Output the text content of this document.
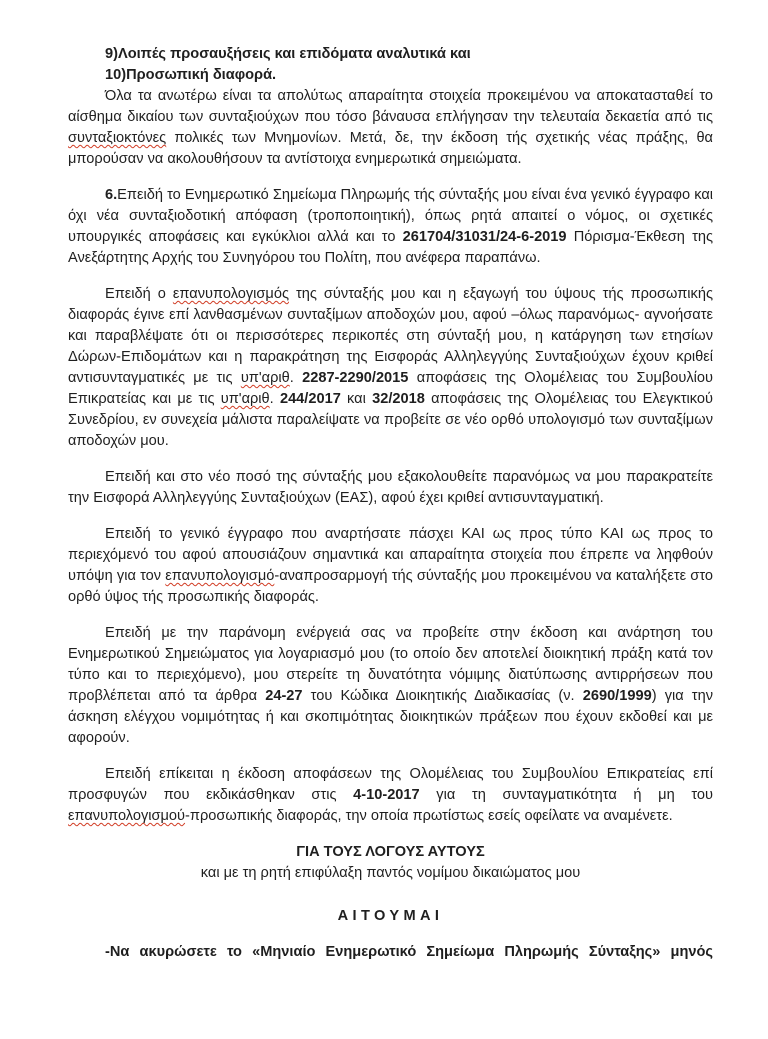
9)Λοιπές προσαυξήσεις και επιδόματα αναλυτικά και

10)Προσωπική διαφορά.

Όλα τα ανωτέρω είναι τα απολύτως απαραίτητα στοιχεία προκειμένου να αποκατασταθεί το αίσθημα δικαίου των συνταξιούχων που τόσο βάναυσα επλήγησαν την τελευταία δεκαετία από τις συνταξιοκτόνες πολικές των Μνημονίων. Μετά, δε, την έκδοση τής σχετικής νέας πράξης, θα μπορούσαν να ακολουθήσουν τα αντίστοιχα ενημερωτικά σημειώματα.

6.Επειδή το Ενημερωτικό Σημείωμα Πληρωμής τής σύνταξής μου είναι ένα γενικό έγγραφο και όχι νέα συνταξιοδοτική απόφαση (τροποποιητική), όπως ρητά απαιτεί ο νόμος, οι σχετικές υπουργικές αποφάσεις και εγκύκλιοι αλλά και το 261704/31031/24-6-2019 Πόρισμα-Έκθεση της Ανεξάρτητης Αρχής του Συνηγόρου του Πολίτη, που ανέφερα παραπάνω.

Επειδή ο επανυπολογισμός της σύνταξής μου και η εξαγωγή του ύψους τής προσωπικής διαφοράς έγινε επί λανθασμένων συνταξίμων αποδοχών μου, αφού –όλως παρανόμως- αγνοήσατε και παραβλέψατε ότι οι περισσότερες περικοπές στη σύνταξή μου, η κατάργηση των ετησίων Δώρων-Επιδομάτων και η παρακράτηση της Εισφοράς Αλληλεγγύης Συνταξιούχων έχουν κριθεί αντισυνταγματικές με τις υπ'αριθ. 2287-2290/2015 αποφάσεις της Ολομέλειας του Συμβουλίου Επικρατείας και με τις υπ'αριθ. 244/2017 και 32/2018 αποφάσεις της Ολομέλειας του Ελεγκτικού Συνεδρίου, εν συνεχεία μάλιστα παραλείψατε να προβείτε σε νέο ορθό υπολογισμό των συνταξίμων αποδοχών μου.

Επειδή και στο νέο ποσό της σύνταξής μου εξακολουθείτε παρανόμως να μου παρακρατείτε την Εισφορά Αλληλεγγύης Συνταξιούχων (ΕΑΣ), αφού έχει κριθεί αντισυνταγματική.

Επειδή το γενικό έγγραφο που αναρτήσατε πάσχει ΚΑΙ ως προς τύπο ΚΑΙ ως προς το περιεχόμενό του αφού απουσιάζουν σημαντικά και απαραίτητα στοιχεία που έπρεπε να ληφθούν υπόψη για τον επανυπολογισμό-αναπροσαρμογή τής σύνταξής μου προκειμένου να καταλήξετε στο ορθό ύψος τής προσωπικής διαφοράς.

Επειδή με την παράνομη ενέργειά σας να προβείτε στην έκδοση και ανάρτηση του Ενημερωτικού Σημειώματος για λογαριασμό μου (το οποίο δεν αποτελεί διοικητική πράξη κατά τον τύπο και το περιεχόμενο), μου στερείτε τη δυνατότητα νόμιμης διατύπωσης αντιρρήσεων που προβλέπεται από τα άρθρα 24-27 του Κώδικα Διοικητικής Διαδικασίας (ν. 2690/1999) για την άσκηση ελέγχου νομιμότητας ή και σκοπιμότητας διοικητικών πράξεων που έχουν εκδοθεί και με αφορούν.

Επειδή επίκειται η έκδοση αποφάσεων της Ολομέλειας του Συμβουλίου Επικρατείας επί προσφυγών που εκδικάσθηκαν στις 4-10-2017 για τη συνταγματικότητα ή μη του επανυπολογισμού-προσωπικής διαφοράς, την οποία πρωτίστως εσείς οφείλατε να αναμένετε.

ΓΙΑ ΤΟΥΣ ΛΟΓΟΥΣ ΑΥΤΟΥΣ

και με τη ρητή επιφύλαξη παντός νομίμου δικαιώματος μου

ΑΙΤΟΥΜΑΙ

-Να ακυρώσετε το «Μηνιαίο Ενημερωτικό Σημείωμα Πληρωμής Σύνταξης» μηνός
